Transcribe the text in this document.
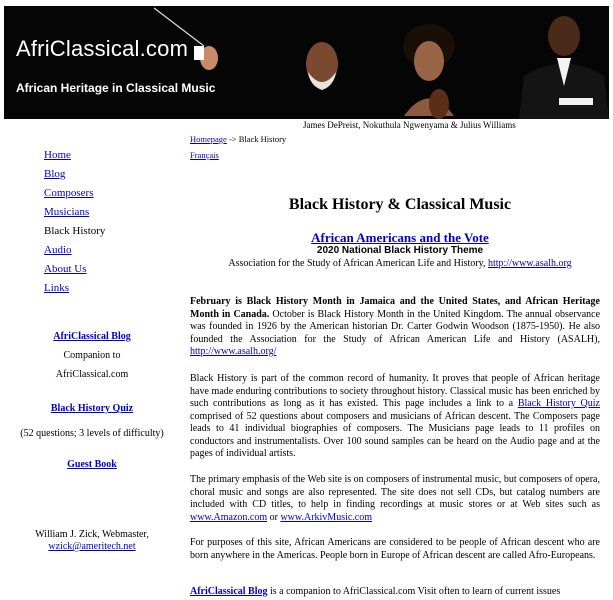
AfriClassical.com
African Heritage in Classical Music
James DePreist, Nokuthula Ngwenyama & Julius Williams
Homepage -> Black History
Français
Home
Blog
Composers
Musicians
Black History
Audio
About Us
Links
AfriClassical Blog
Companion to
AfriClassical.com
Black History Quiz
(52 questions; 3 levels of difficulty)
Guest Book
William J. Zick, Webmaster,
wzick@ameritech.net
Black History & Classical Music
African Americans and the Vote
2020 National Black History Theme
Association for the Study of African American Life and History, http://www.asalh.org

February is Black History Month in Jamaica and the United States, and African Heritage Month in Canada. October is Black History Month in the United Kingdom. The annual observance was founded in 1926 by the American historian Dr. Carter Godwin Woodson (1875-1950). He also founded the Association for the Study of African American Life and History (ASALH), http://www.asalh.org/

Black History is part of the common record of humanity. It proves that people of African heritage have made enduring contributions to society throughout history. Classical music has been enriched by such contributions as long as it has existed. This page includes a link to a Black History Quiz comprised of 52 questions about composers and musicians of African descent. The Composers page leads to 41 individual biographies of composers. The Musicians page leads to 11 profiles on conductors and instrumentalists. Over 100 sound samples can be heard on the Audio page and at the pages of individual artists.

The primary emphasis of the Web site is on composers of instrumental music, but composers of opera, choral music and songs are also represented. The site does not sell CDs, but catalog numbers are included with CD titles, to help in finding recordings at music stores or at Web sites such as www.Amazon.com or www.ArkivMusic.com

For purposes of this site, African Americans are considered to be people of African descent who are born anywhere in the Americas. People born in Europe of African descent are called Afro-Europeans.

AfriClassical Blog is a companion to AfriClassical.com Visit often to learn of current issues
